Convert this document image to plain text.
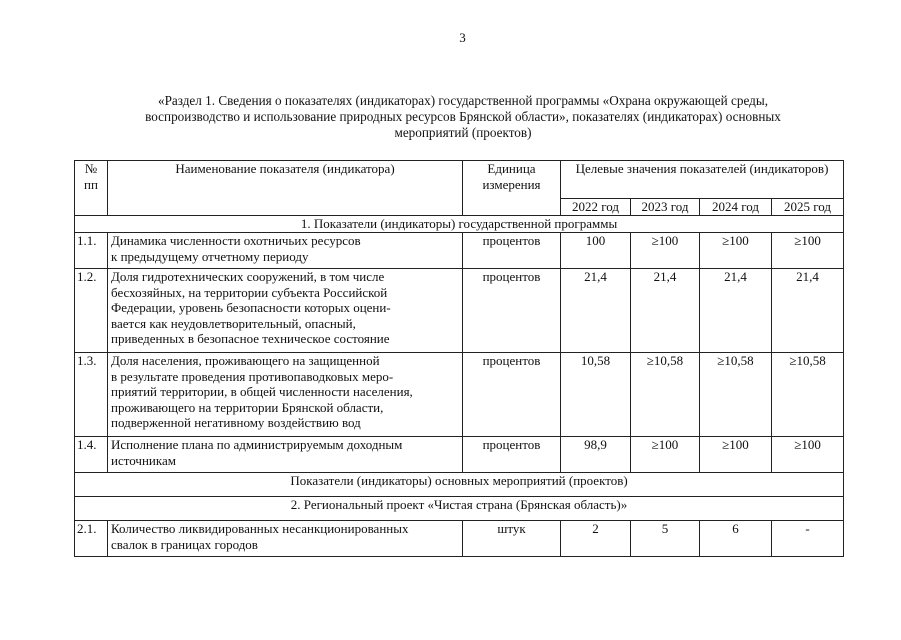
3
«Раздел 1. Сведения о показателях (индикаторах) государственной программы «Охрана окружающей среды,
воспроизводство и использование природных ресурсов Брянской области», показателях (индикаторах) основных
мероприятий (проектов)
№ пп	Наименование показателя (индикатора)	Единица измерения	Целевые значения показателей (индикаторов)			
			2022 год	2023 год	2024 год	2025 год
1. Показатели (индикаторы) государственной программы						
1.1.	Динамика численности охотничьих ресурсов
к предыдущему отчетному периоду	процентов	100	≥100	≥100	≥100
1.2.	Доля гидротехнических сооружений, в том числе
бесхозяйных, на территории субъекта Российской
Федерации, уровень безопасности которых оцени-
вается как неудовлетворительный, опасный,
приведенных в безопасное техническое состояние	процентов	21,4	21,4	21,4	21,4
1.3.	Доля населения, проживающего на защищенной
в результате проведения противопаводковых меро-
приятий территории, в общей численности населения,
проживающего на территории Брянской области,
подверженной негативному воздействию вод	процентов	10,58	≥10,58	≥10,58	≥10,58
1.4.	Исполнение плана по администрируемым доходным
источникам	процентов	98,9	≥100	≥100	≥100
Показатели (индикаторы) основных мероприятий (проектов)						
2. Региональный проект «Чистая страна (Брянская область)»						
2.1.	Количество ликвидированных несанкционированных
свалок в границах городов	штук	2	5	6	-
